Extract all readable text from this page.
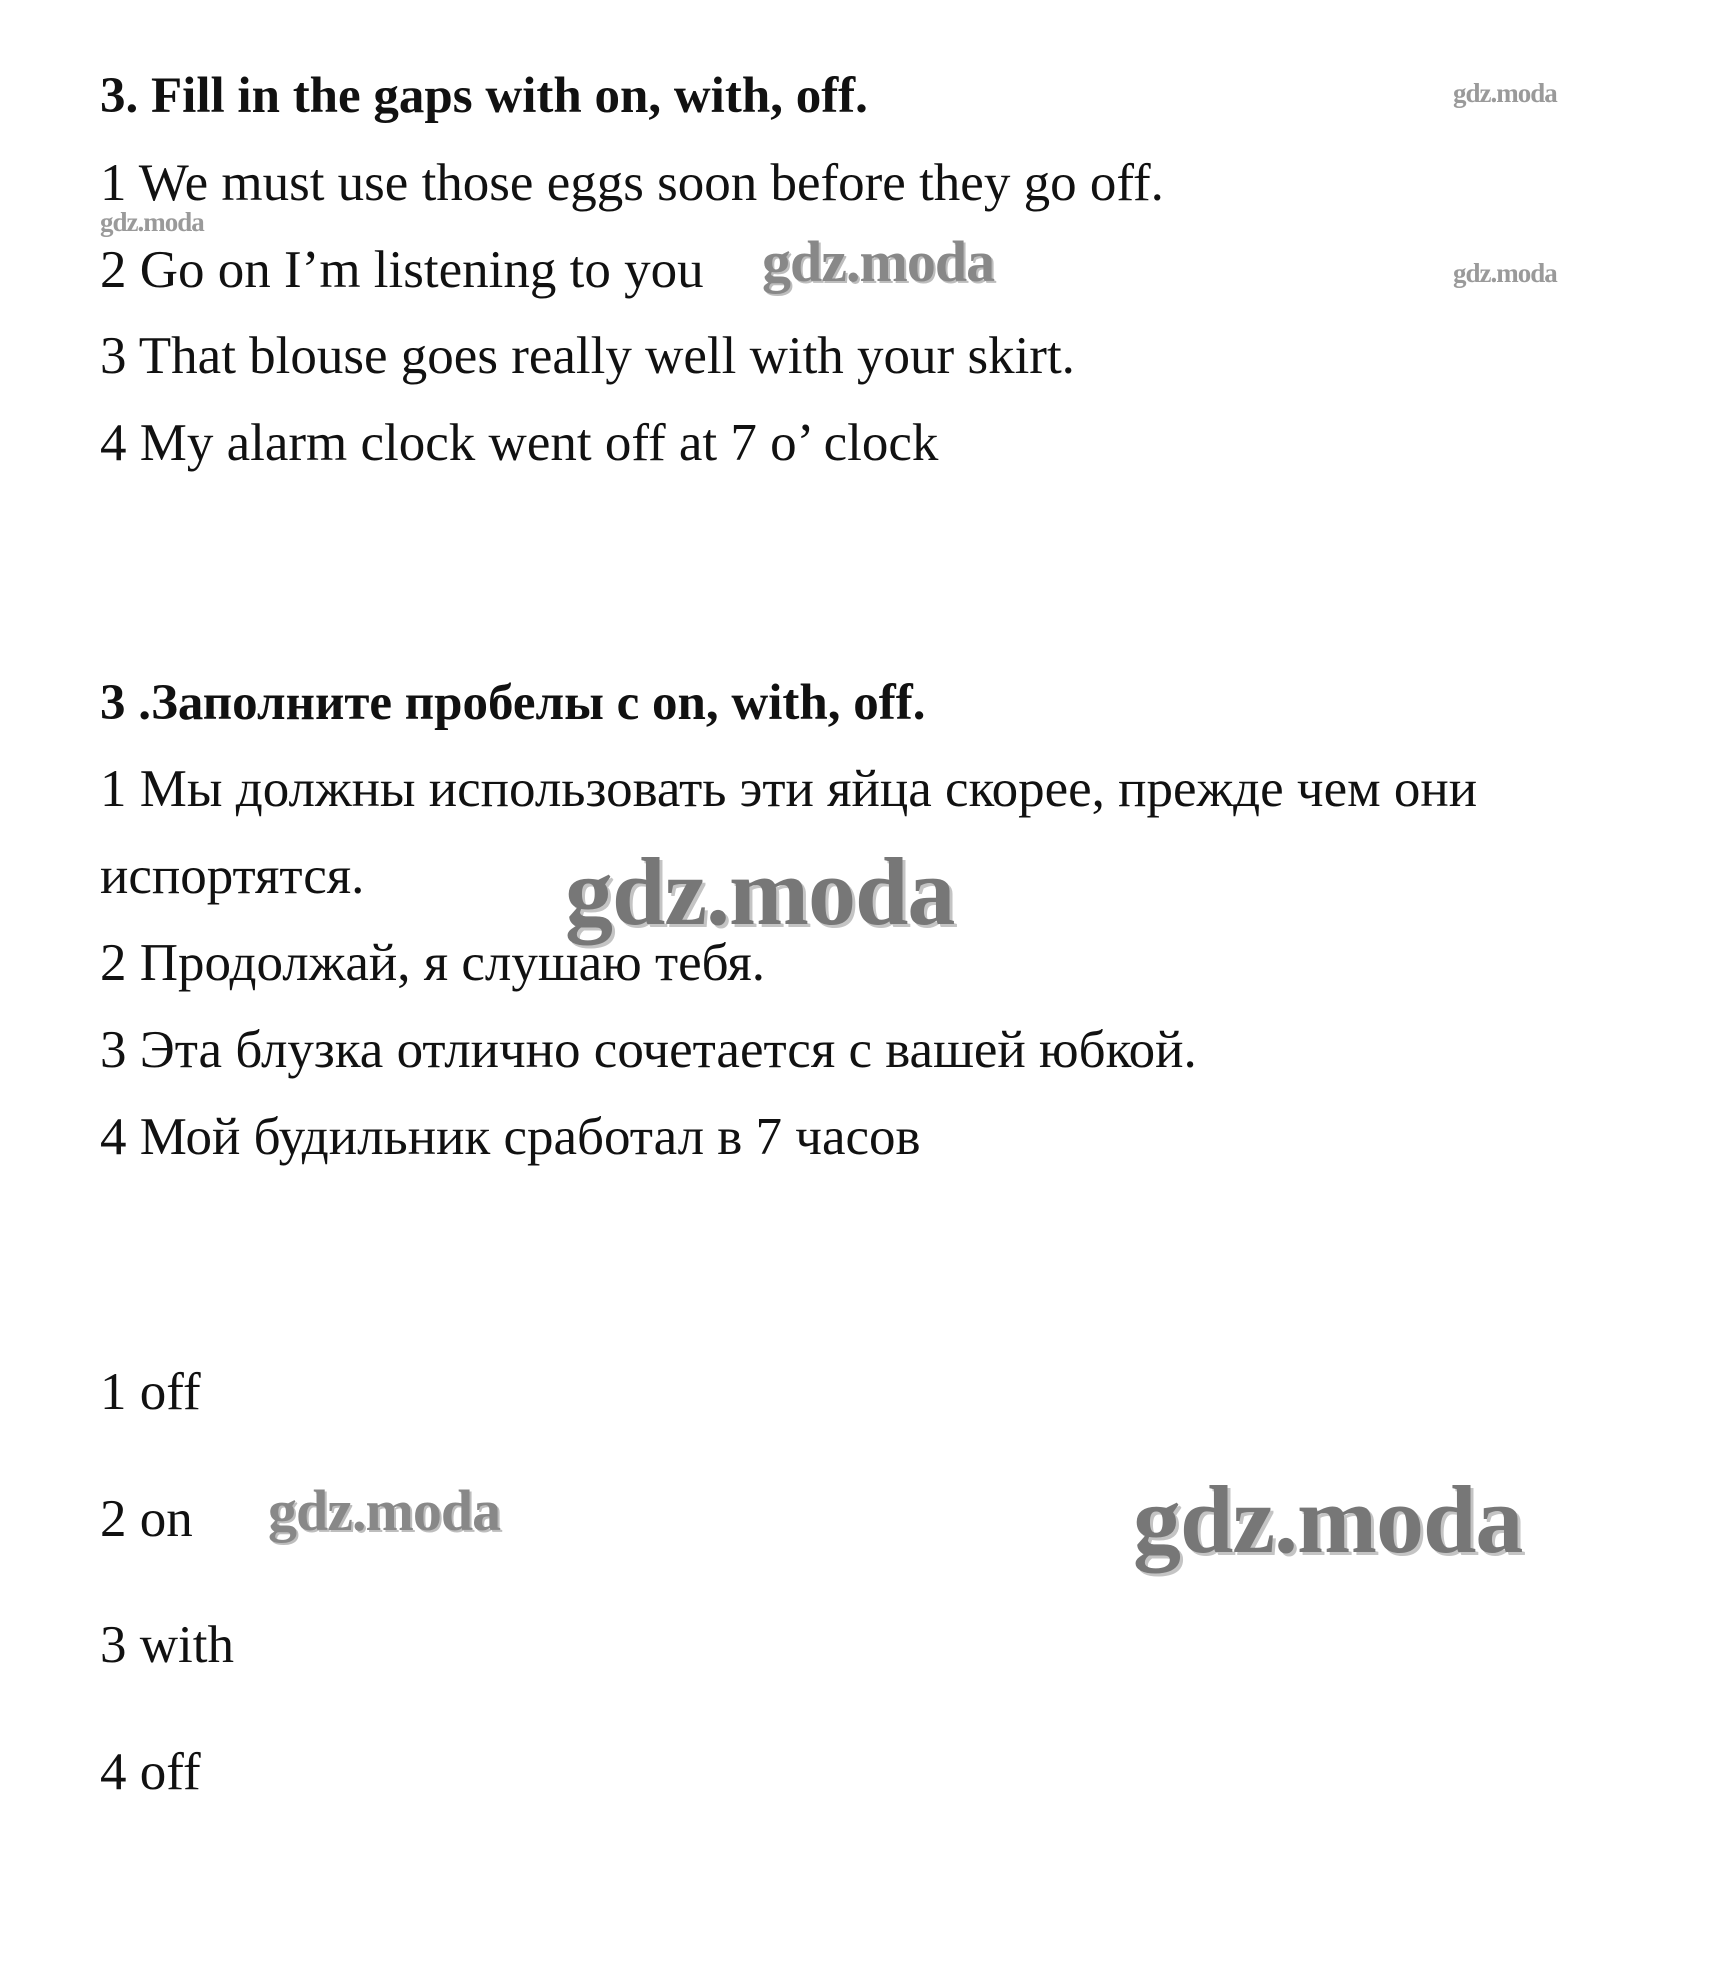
3. Fill in the gaps with on, with, off.

1 We must use those eggs soon before they go off.

2 Go on I’m listening to you

3 That blouse goes really well with your skirt.

4 My alarm clock went off at 7 o’ clock

3 .Заполните пробелы с on, with, off.

1 Мы должны использовать эти яйца скорее, прежде чем они

испортятся.

2 Продолжай, я слушаю тебя.

3 Эта блузка отлично сочетается с вашей юбкой.

4 Мой будильник сработал в 7 часов

1 off

2 on

3 with

4 off

gdz.moda
gdz.moda
gdz.moda
gdz.moda
gdz.moda
gdz.moda	gdz.moda
